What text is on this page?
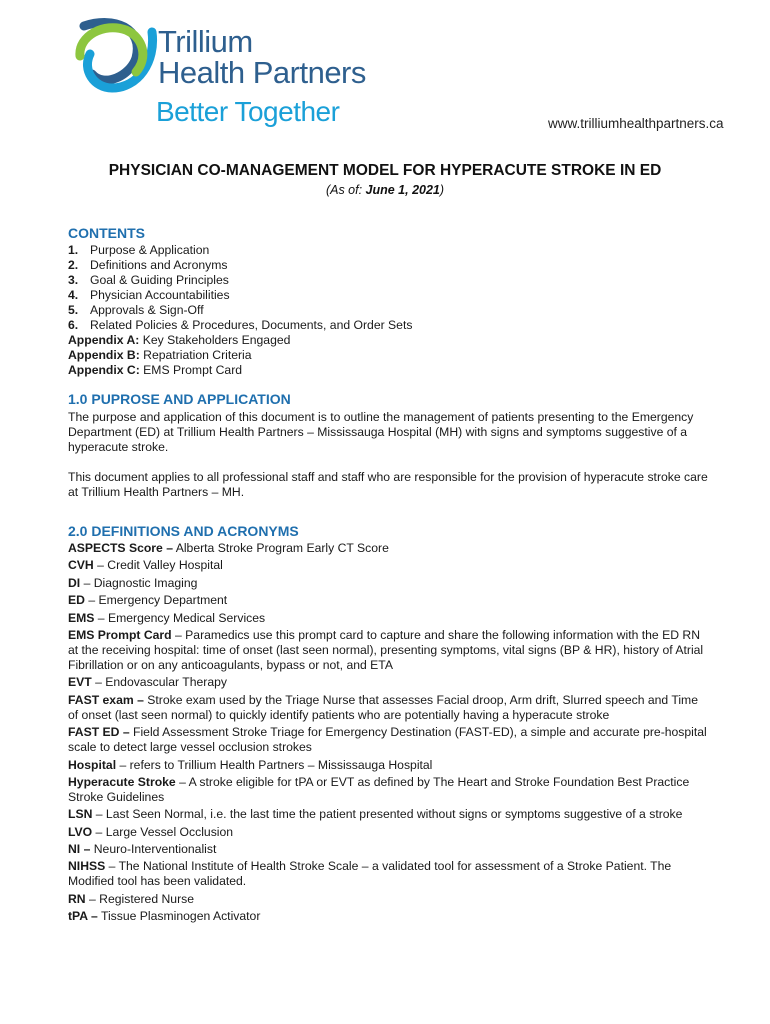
Trillium
Health Partners
Better Together	www.trilliumhealthpartners.ca
PHYSICIAN CO-MANAGEMENT MODEL FOR HYPERACUTE STROKE IN ED
(As of: June 1, 2021)
CONTENTS
1. Purpose & Application
2. Definitions and Acronyms
3. Goal & Guiding Principles
4. Physician Accountabilities
5. Approvals & Sign-Off
6. Related Policies & Procedures, Documents, and Order Sets
Appendix A: Key Stakeholders Engaged
Appendix B: Repatriation Criteria
Appendix C: EMS Prompt Card
1.0 PUPROSE AND APPLICATION

The purpose and application of this document is to outline the management of patients presenting to the Emergency Department (ED) at Trillium Health Partners – Mississauga Hospital (MH) with signs and symptoms suggestive of a hyperacute stroke.

This document applies to all professional staff and staff who are responsible for the provision of hyperacute stroke care at Trillium Health Partners – MH.

2.0 DEFINITIONS AND ACRONYMS

ASPECTS Score – Alberta Stroke Program Early CT Score

CVH – Credit Valley Hospital

DI – Diagnostic Imaging

ED – Emergency Department

EMS – Emergency Medical Services

EMS Prompt Card – Paramedics use this prompt card to capture and share the following information with the ED RN at the receiving hospital: time of onset (last seen normal), presenting symptoms, vital signs (BP & HR), history of Atrial Fibrillation or on any anticoagulants, bypass or not, and ETA

EVT – Endovascular Therapy

FAST exam – Stroke exam used by the Triage Nurse that assesses Facial droop, Arm drift, Slurred speech and Time of onset (last seen normal) to quickly identify patients who are potentially having a hyperacute stroke

FAST ED – Field Assessment Stroke Triage for Emergency Destination (FAST-ED), a simple and accurate pre-hospital scale to detect large vessel occlusion strokes

Hospital – refers to Trillium Health Partners – Mississauga Hospital

Hyperacute Stroke – A stroke eligible for tPA or EVT as defined by The Heart and Stroke Foundation Best Practice Stroke Guidelines

LSN – Last Seen Normal, i.e. the last time the patient presented without signs or symptoms suggestive of a stroke

LVO – Large Vessel Occlusion

NI – Neuro-Interventionalist

NIHSS – The National Institute of Health Stroke Scale – a validated tool for assessment of a Stroke Patient. The Modified tool has been validated.

RN – Registered Nurse

tPA – Tissue Plasminogen Activator
